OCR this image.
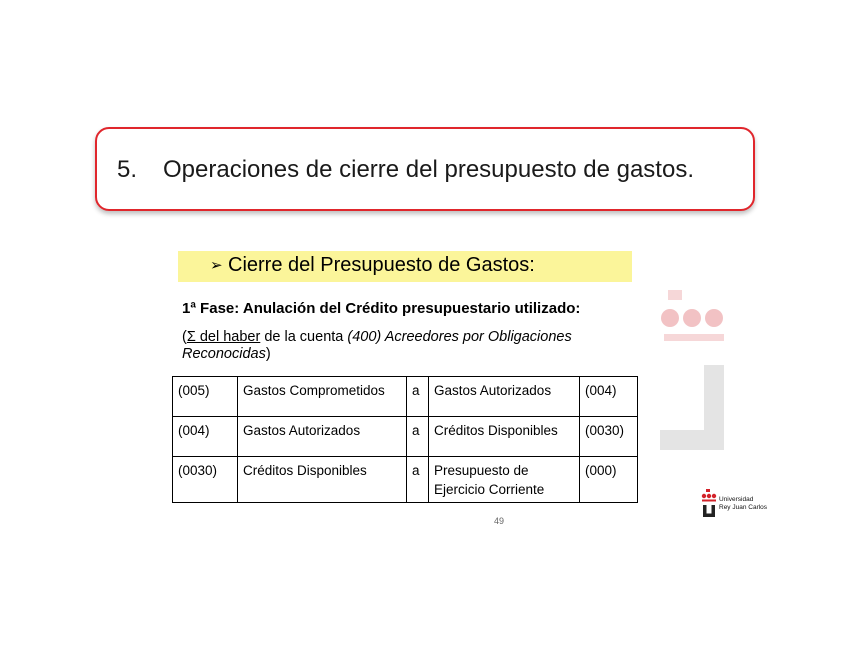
5. Operaciones de cierre del presupuesto de gastos.
➢ Cierre del Presupuesto de Gastos:
1ª Fase: Anulación del Crédito presupuestario utilizado:
(Σ del haber de la cuenta (400) Acreedores por Obligaciones Reconocidas)
(005)	Gastos Comprometidos	a	Gastos Autorizados	(004)
(004)	Gastos Autorizados	a	Créditos Disponibles	(0030)
(0030)	Créditos Disponibles	a	Presupuesto de Ejercicio Corriente	(000)
49
Universidad
Rey Juan Carlos
